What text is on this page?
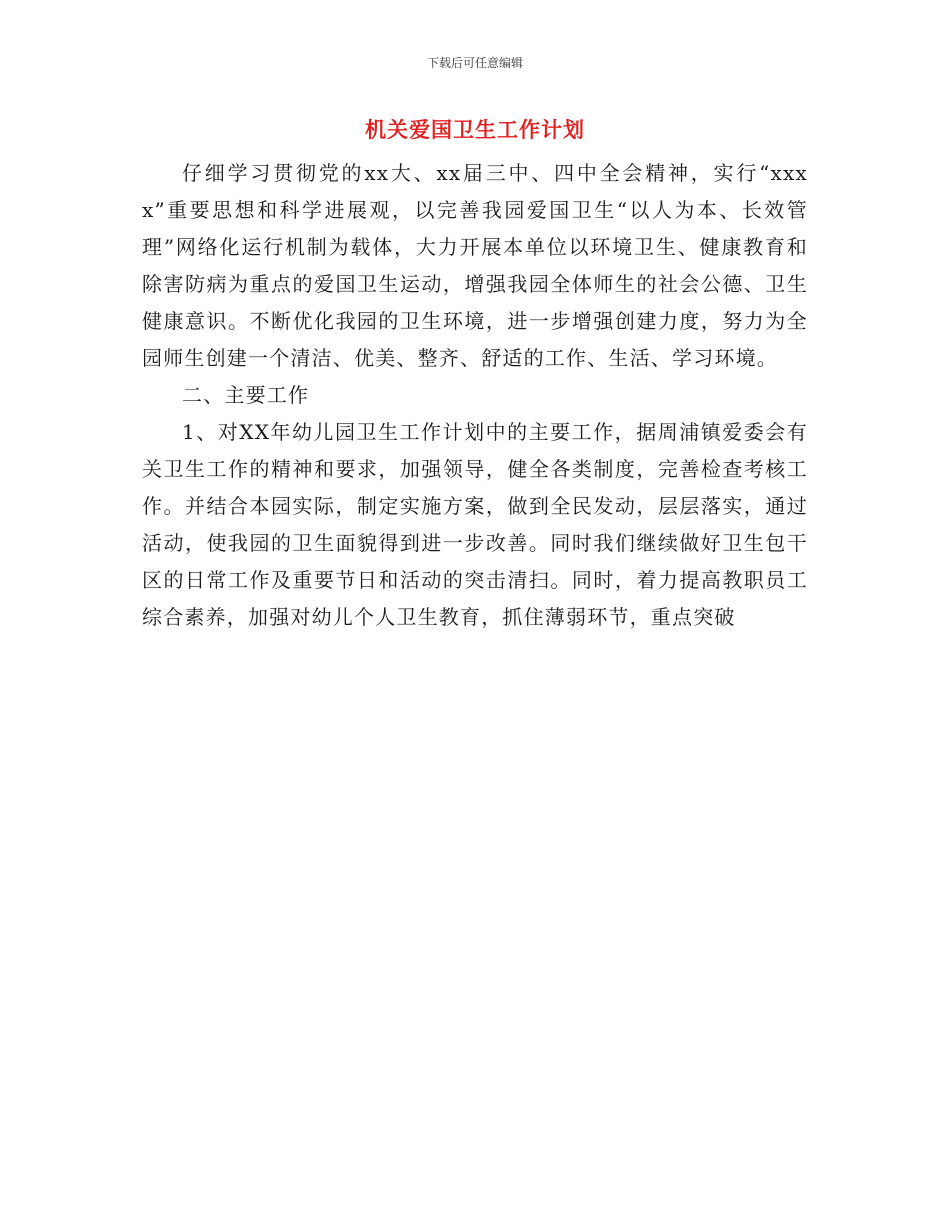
下载后可任意编辑
机关爱国卫生工作计划

仔细学习贯彻党的xx大、xx届三中、四中全会精神，实行“xxxx”重要思想和科学进展观，以完善我园爱国卫生“以人为本、长效管理”网络化运行机制为载体，大力开展本单位以环境卫生、健康教育和除害防病为重点的爱国卫生运动，增强我园全体师生的社会公德、卫生健康意识。不断优化我园的卫生环境，进一步增强创建力度，努力为全园师生创建一个清洁、优美、整齐、舒适的工作、生活、学习环境。

二、主要工作

1、对XX年幼儿园卫生工作计划中的主要工作，据周浦镇爱委会有关卫生工作的精神和要求，加强领导，健全各类制度，完善检查考核工作。并结合本园实际，制定实施方案，做到全民发动，层层落实，通过活动，使我园的卫生面貌得到进一步改善。同时我们继续做好卫生包干区的日常工作及重要节日和活动的突击清扫。同时，着力提高教职员工综合素养，加强对幼儿个人卫生教育，抓住薄弱环节，重点突破
